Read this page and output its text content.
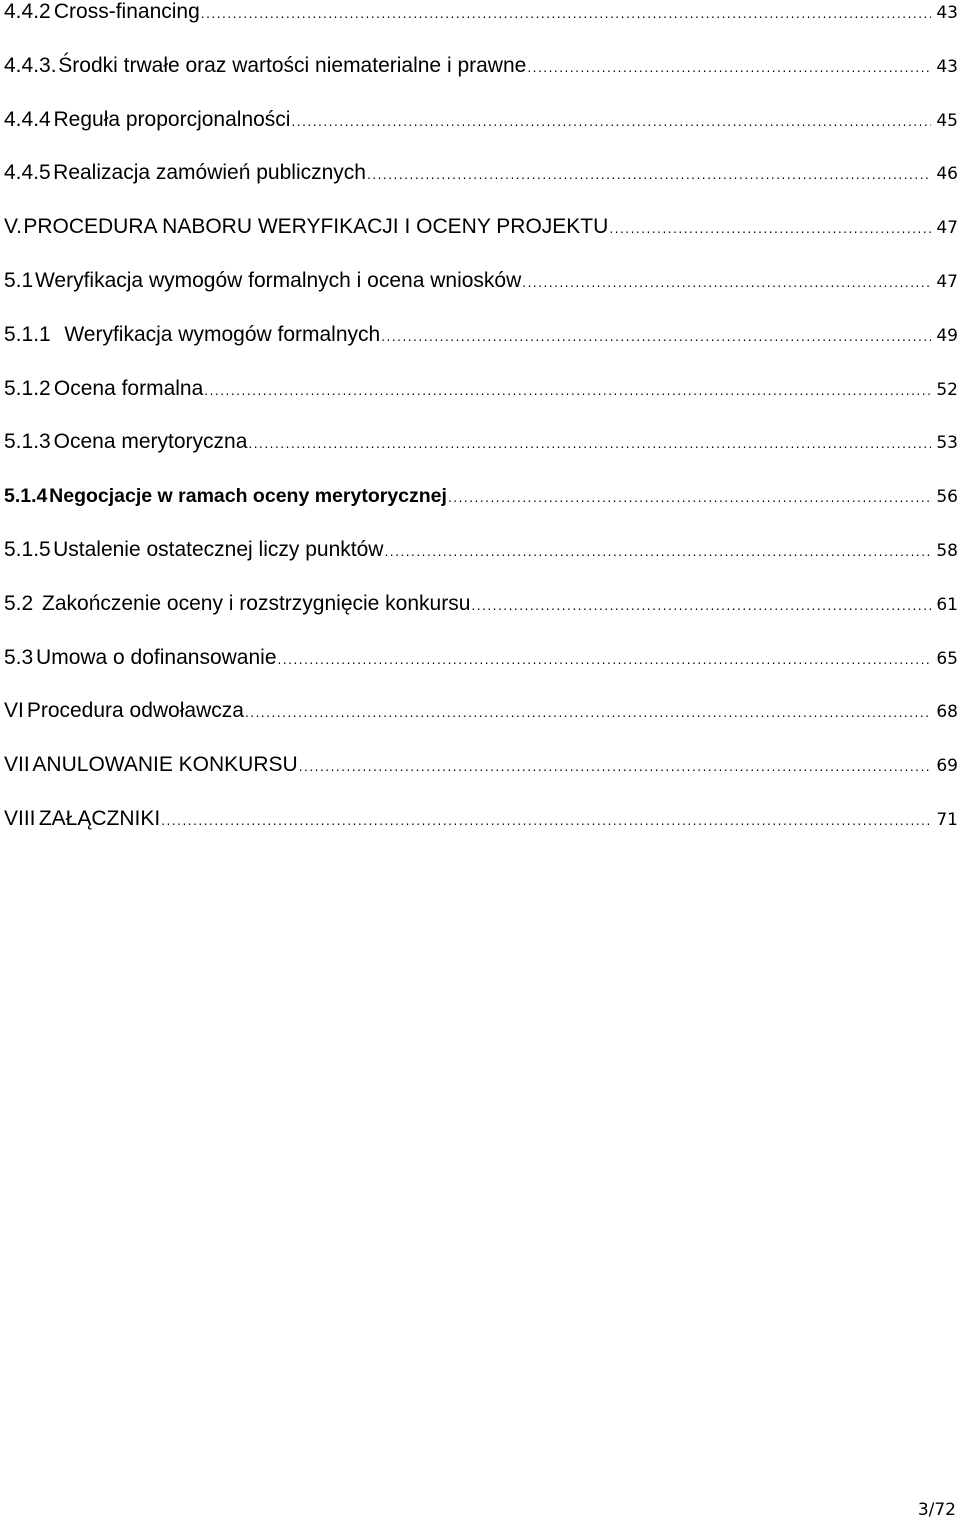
4.4.2 Cross-financing .....	43
4.4.3. Środki trwałe oraz wartości niematerialne i prawne .....	43
4.4.4 Reguła proporcjonalności .....	45
4.4.5 Realizacja zamówień publicznych .....	46
V. PROCEDURA NABORU WERYFIKACJI I OCENY PROJEKTU .....	47
5.1 Weryfikacja wymogów formalnych i ocena wniosków .....	47
5.1.1 Weryfikacja wymogów formalnych .....	49
5.1.2 Ocena formalna .....	52
5.1.3 Ocena merytoryczna .....	53
5.1.4 Negocjacje w ramach oceny merytorycznej .....	56
5.1.5 Ustalenie ostatecznej liczy punktów .....	58
5.2 Zakończenie oceny i rozstrzygnięcie konkursu .....	61
5.3 Umowa o dofinansowanie .....	65
VI Procedura odwoławcza .....	68
VII ANULOWANIE KONKURSU .....	69
VIII ZAŁĄCZNIKI .....	71
3/72
